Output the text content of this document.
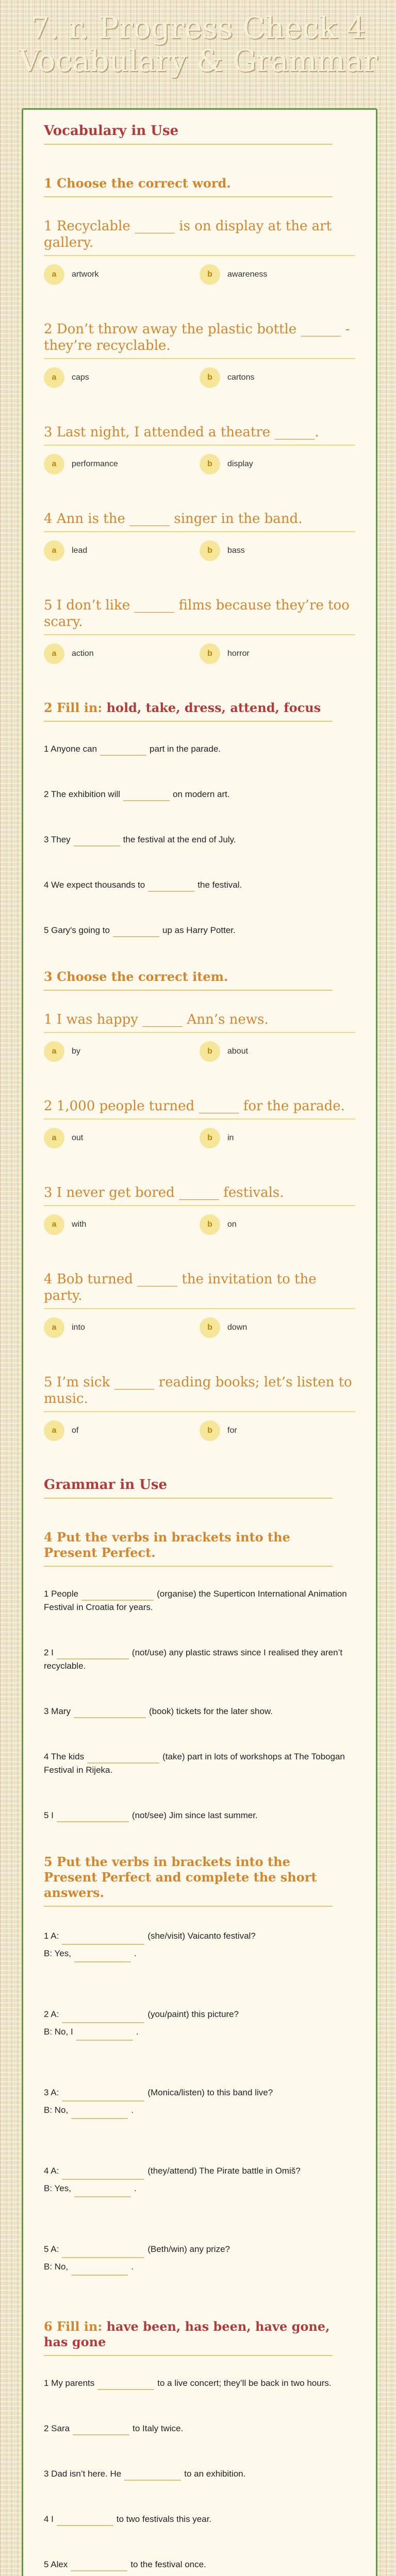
7. r. Progress Check 4 Vocabulary & Grammar
Vocabulary in Use
1 Choose the correct word.
1 Recyclable ______ is on display at the art gallery.
a	artwork	b	awareness
2 Don’t throw away the plastic bottle ______ - they’re recyclable.
a	caps	b	cartons
3 Last night, I attended a theatre ______.
a	performance	b	display
4 Ann is the ______ singer in the band.
a	lead	b	bass
5 I don’t like ______ films because they’re too scary.
a	action	b	horror
2 Fill in: hold, take, dress, attend, focus
1 Anyone can	part in the parade.
2 The exhibition will	on modern art.
3 They	the festival at the end of July.
4 We expect thousands to	the festival.
5 Gary's going to	up as Harry Potter.
3 Choose the correct item.
1 I was happy ______ Ann’s news.
a	by	b	about
2 1,000 people turned ______ for the parade.
a	out	b	in
3 I never get bored ______ festivals.
a	with	b	on
4 Bob turned ______ the invitation to the party.
a	into	b	down
5 I’m sick ______ reading books; let’s listen to music.
a	of	b	for
Grammar in Use
4 Put the verbs in brackets into the Present Perfect.
1 People	(organise) the Superticon International Animation Festival in Croatia for years.
2 I	(not/use) any plastic straws since I realised they aren’t recyclable.
3 Mary	(book) tickets for the later show.
4 The kids	(take) part in lots of workshops at The Tobogan Festival in Rijeka.
5 I	(not/see) Jim since last summer.
5 Put the verbs in brackets into the Present Perfect and complete the short answers.
1 A:	(she/visit) Vaicanto festival?
B: Yes,	.
2 A:	(you/paint) this picture?
B: No, I	.
3 A:	(Monica/listen) to this band live?
B: No,	.
4 A:	(they/attend) The Pirate battle in Omiš?
B: Yes,	.
5 A:	(Beth/win) any prize?
B: No,	.
6 Fill in: have been, has been, have gone, has gone
1 My parents	to a live concert; they’ll be back in two hours.
2 Sara	to Italy twice.
3 Dad isn’t here. He	to an exhibition.
4 I	to two festivals this year.
5 Alex	to the festival once.
